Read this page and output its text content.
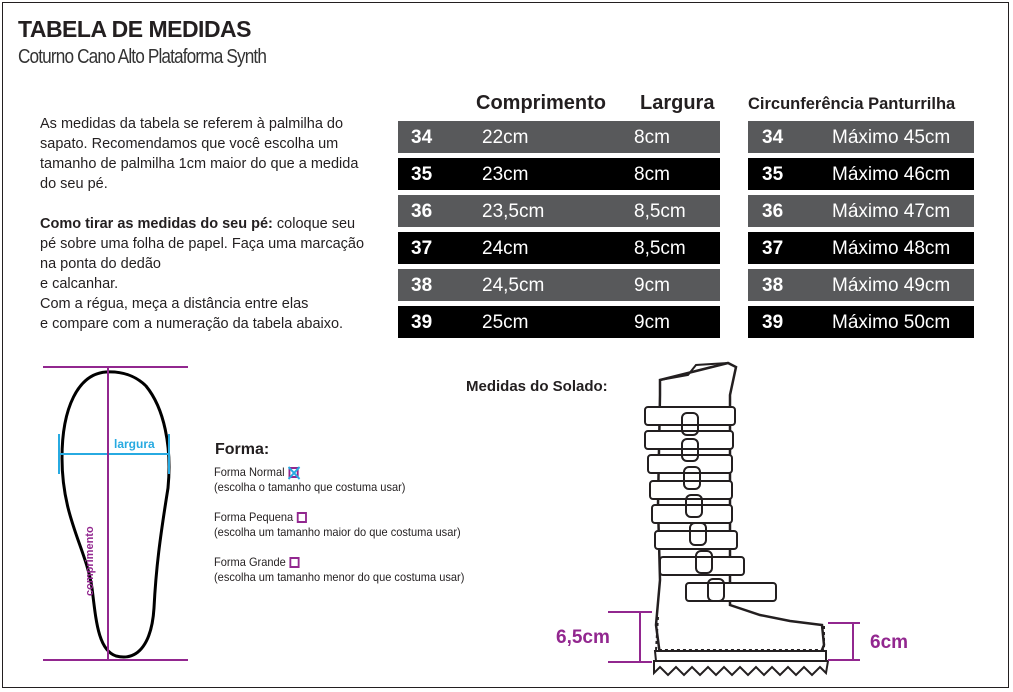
TABELA DE MEDIDAS
Coturno Cano Alto Plataforma Synth

As medidas da tabela se referem à palmilha do sapato. Recomendamos que você escolha um tamanho de palmilha 1cm maior do que a medida do seu pé.

Como tirar as medidas do seu pé: coloque seu pé sobre uma folha de papel. Faça uma marcação na ponta do dedão

e calcanhar.

Com a régua, meça a distância entre elas

e compare com a numeração da tabela abaixo.

Comprimento Largura
34	22cm	8cm
35	23cm	8cm
36	23,5cm	8,5cm
37	24cm	8,5cm
38	24,5cm	9cm
39	25cm	9cm
Circunferência Panturrilha
34	Máximo 45cm
35	Máximo 46cm
36	Máximo 47cm
37	Máximo 48cm
38	Máximo 49cm
39	Máximo 50cm
largura
comprimento
Forma:
Forma Normal

(escolha o tamanho que costuma usar)
Forma Pequena
(escolha um tamanho maior do que costuma usar)
Forma Grande
(escolha um tamanho menor do que costuma usar)
Medidas do Solado:
6,5cm	6cm
